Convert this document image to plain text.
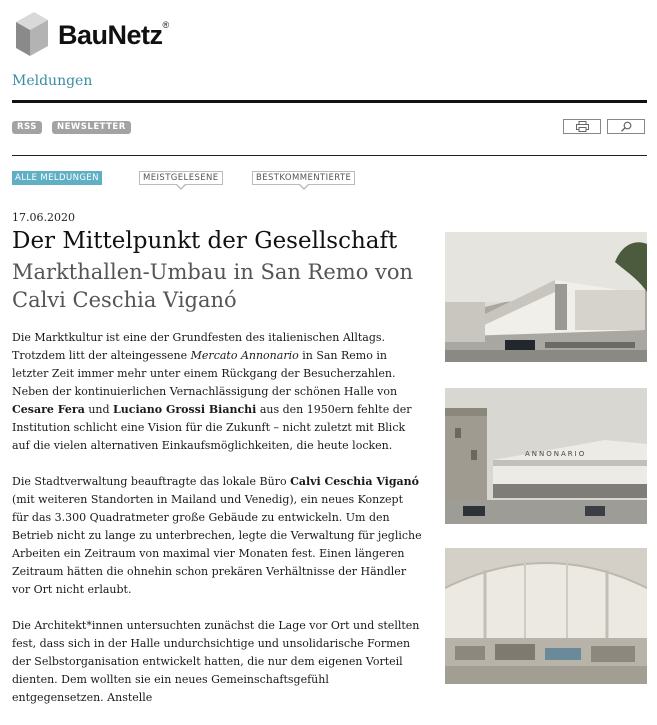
BauNetz®
Meldungen
RSS	NEWSLETTER
ALLE MELDUNGEN	MEISTGELESENE	BESTKOMMENTIERTE
17.06.2020
Der Mittelpunkt der Gesellschaft
Markthallen-Umbau in San Remo von Calvi Ceschia Viganó

Die Marktkultur ist eine der Grundfesten des italienischen Alltags. Trotzdem litt der alteingessene Mercato Annonario in San Remo in letzter Zeit immer mehr unter einem Rückgang der Besucherzahlen. Neben der kontinuierlichen Vernachlässigung der schönen Halle von Cesare Fera und Luciano Grossi Bianchi aus den 1950ern fehlte der Institution schlicht eine Vision für die Zukunft – nicht zuletzt mit Blick auf die vielen alternativen Einkaufsmöglichkeiten, die heute locken.

Die Stadtverwaltung beauftragte das lokale Büro Calvi Ceschia Viganó (mit weiteren Standorten in Mailand und Venedig), ein neues Konzept für das 3.300 Quadratmeter große Gebäude zu entwickeln. Um den Betrieb nicht zu lange zu unterbrechen, legte die Verwaltung für jegliche Arbeiten ein Zeitraum von maximal vier Monaten fest. Einen längeren Zeitraum hätten die ohnehin schon prekären Verhältnisse der Händler vor Ort nicht erlaubt.

Die Architekt*innen untersuchten zunächst die Lage vor Ort und stellten fest, dass sich in der Halle undurchsichtige und unsolidarische Formen der Selbstorganisation entwickelt hatten, die nur dem eigenen Vorteil dienten. Dem wollten sie ein neues Gemeinschaftsgefühl entgegensetzen. Anstelle

ANNONARIO
